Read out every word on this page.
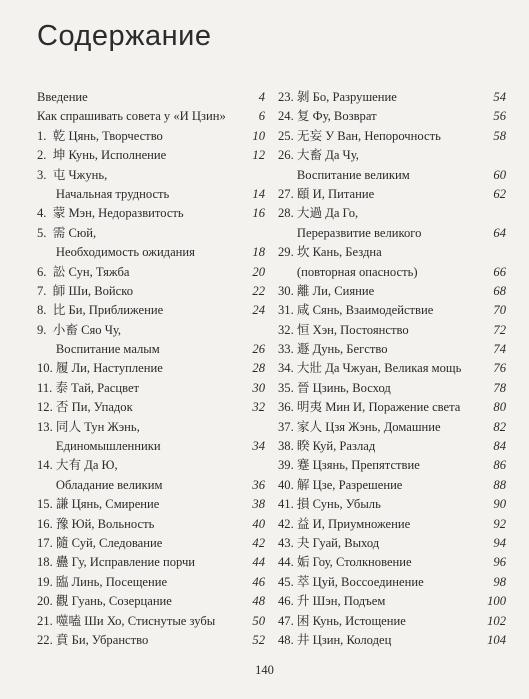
Содержание
Введение	4
Как спрашивать совета у «И Цзин»	6
1.  乾 Цянь, Творчество	10
2.  坤 Кунь, Исполнение	12
3.  屯 Чжунь,
Начальная трудность	14
4.  蒙 Мэн, Недоразвитость	16
5.  需 Сюй,
Необходимость ожидания	18
6.  訟 Сун, Тяжба	20
7.  師 Ши, Войско	22
8.  比 Би, Приближение	24
9.  小畜 Сяо Чу,
Воспитание малым	26
10. 履 Ли, Наступление	28
11. 泰 Тай, Расцвет	30
12. 否 Пи, Упадок	32
13. 同人 Тун Жэнь,
Единомышленники	34
14. 大有 Да Ю,
Обладание великим	36
15. 謙 Цянь, Смирение	38
16. 豫 Юй, Вольность	40
17. 隨 Суй, Следование	42
18. 蠱 Гу, Исправление порчи	44
19. 臨 Линь, Посещение	46
20. 觀 Гуань, Созерцание	48
21. 噬嗑 Ши Хо, Стиснутые зубы	50
22. 賁 Би, Убранство	52
23. 剝 Бо, Разрушение	54
24. 复 Фу, Возврат	56
25. 无妄 У Ван, Непорочность	58
26. 大畜 Да Чу,
Воспитание великим	60
27. 頤 И, Питание	62
28. 大過 Да Го,
Переразвитие великого	64
29. 坎 Кань, Бездна
(повторная опасность)	66
30. 離 Ли, Сияние	68
31. 咸 Сянь, Взаимодействие	70
32. 恒 Хэн, Постоянство	72
33. 遯 Дунь, Бегство	74
34. 大壯 Да Чжуан, Великая мощь	76
35. 晉 Цзинь, Восход	78
36. 明夷 Мин И, Поражение света	80
37. 家人 Цзя Жэнь, Домашние	82
38. 睽 Куй, Разлад	84
39. 蹇 Цзянь, Препятствие	86
40. 解 Цзе, Разрешение	88
41. 損 Сунь, Убыль	90
42. 益 И, Приумножение	92
43. 夬 Гуай, Выход	94
44. 姤 Гоу, Столкновение	96
45. 萃 Цуй, Воссоединение	98
46. 升 Шэн, Подъем	100
47. 困 Кунь, Истощение	102
48. 井 Цзин, Колодец	104
140
